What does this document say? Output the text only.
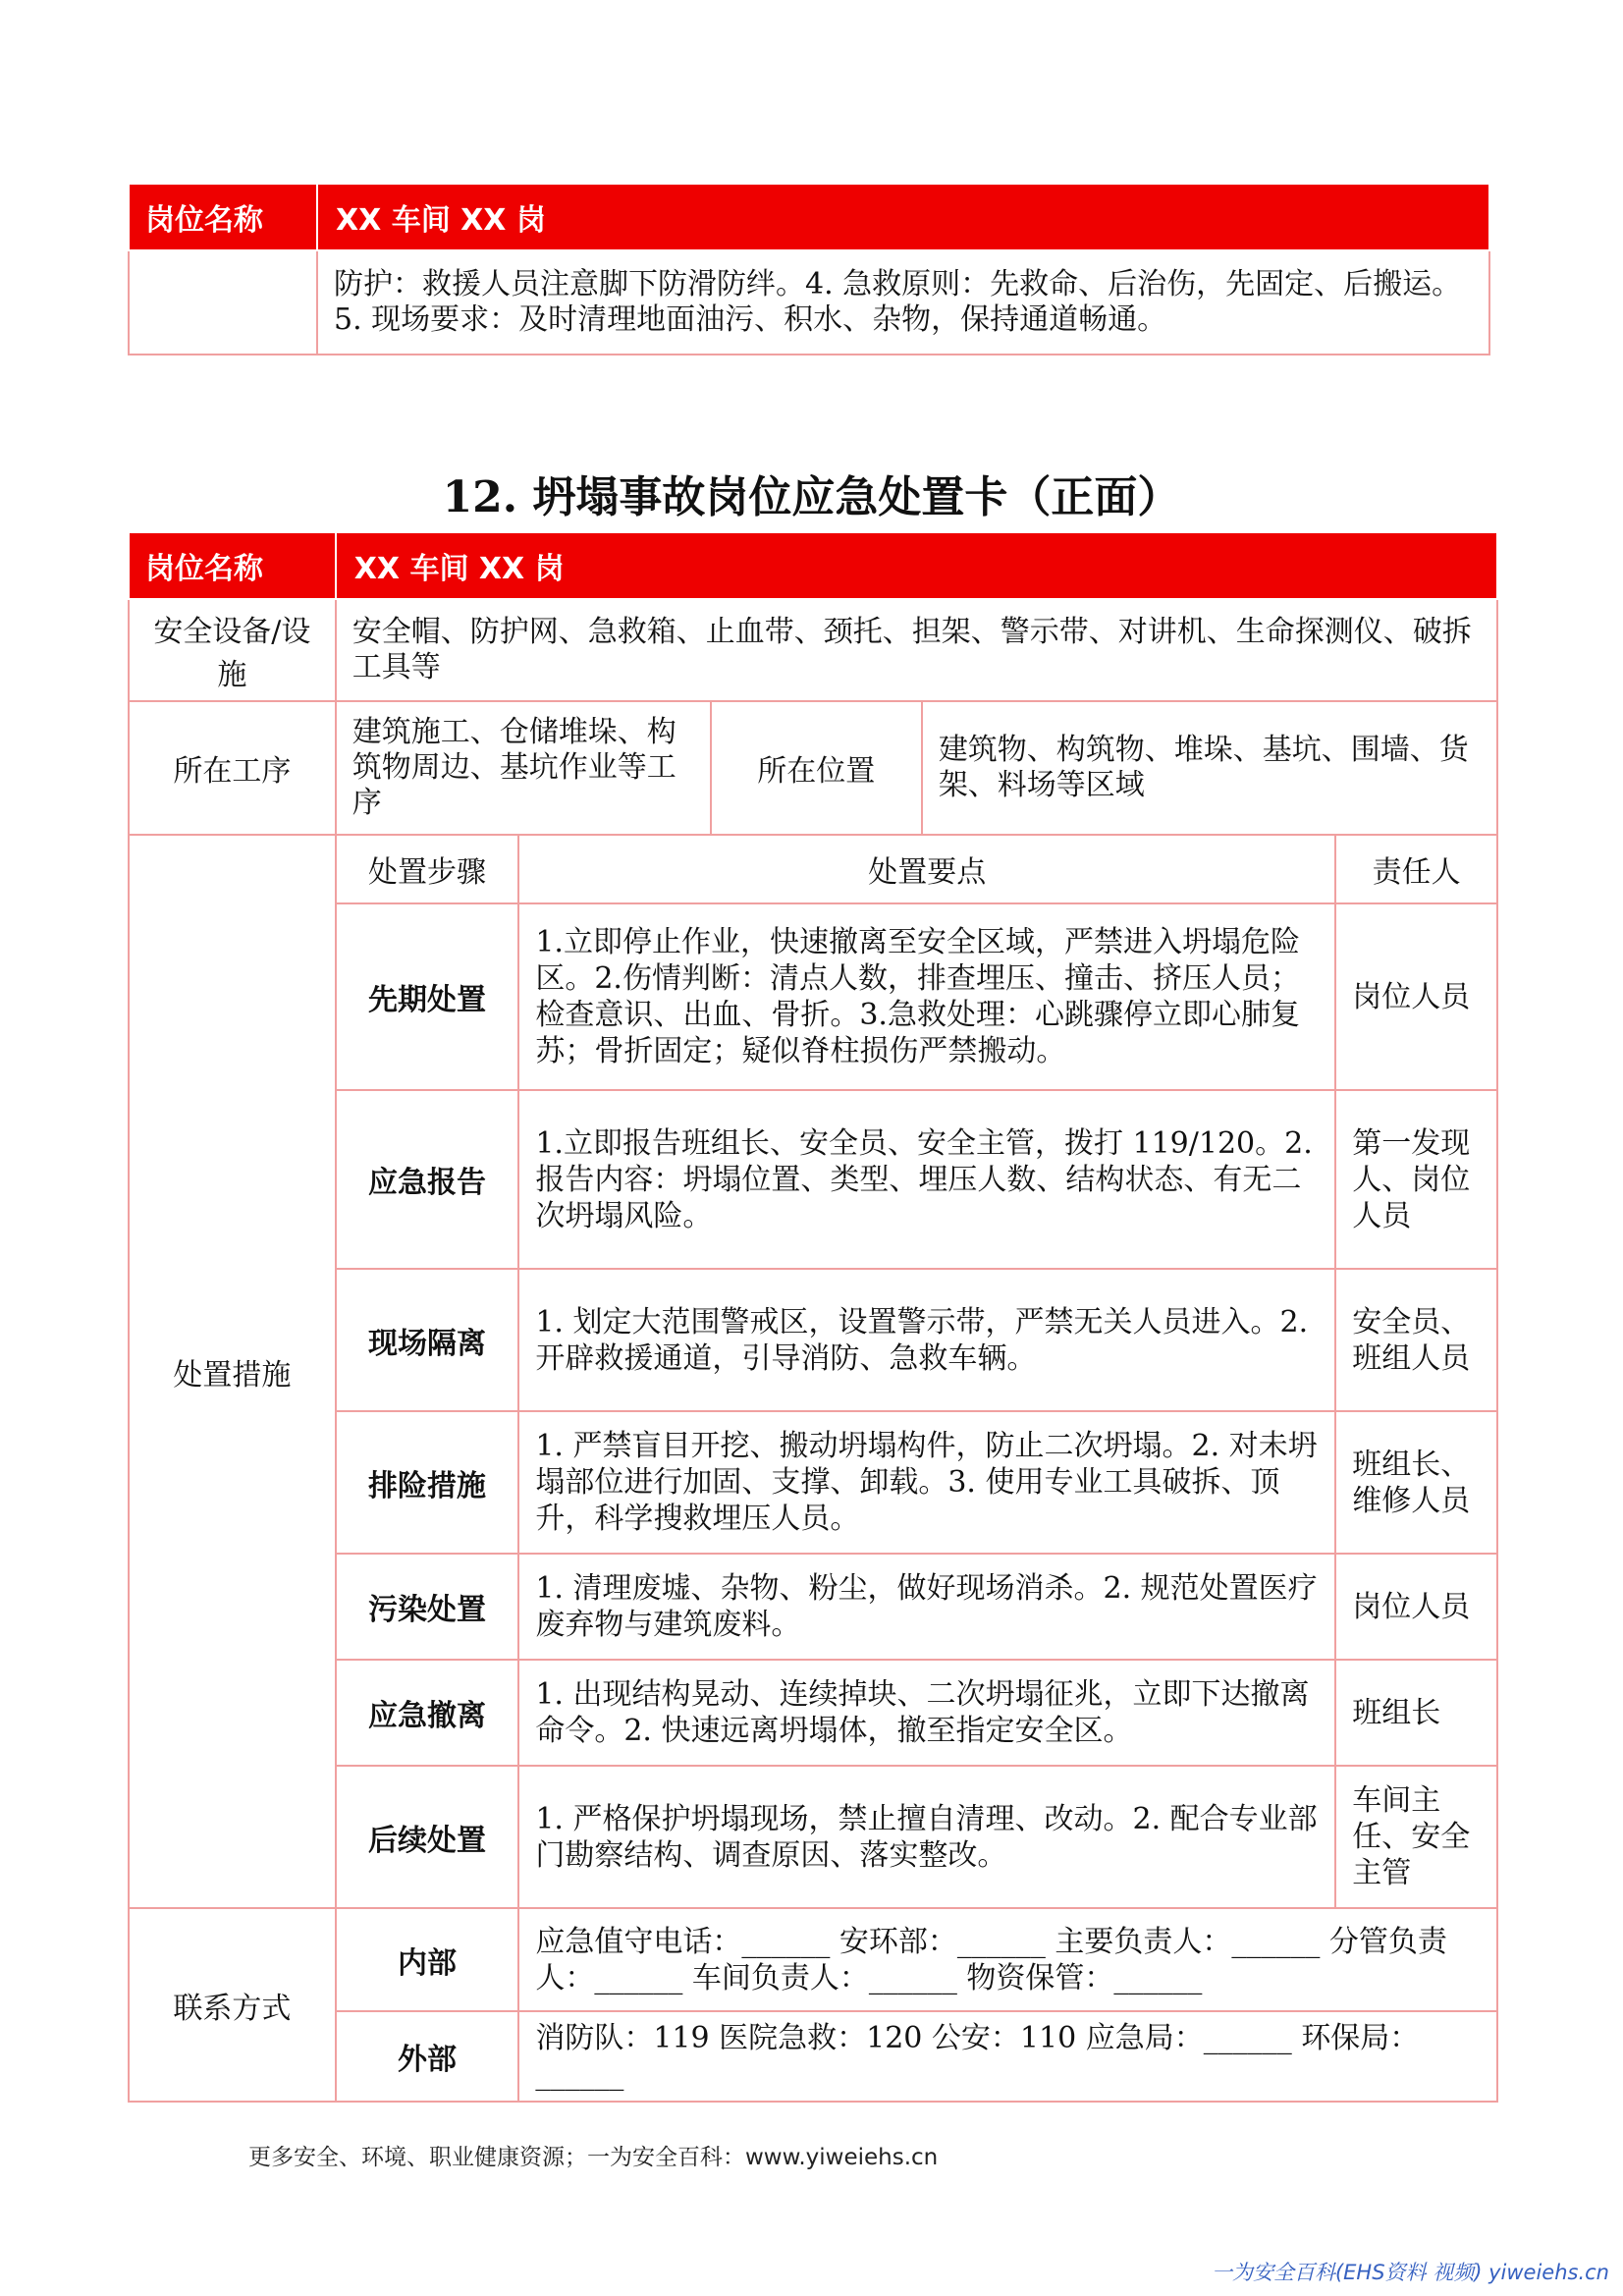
岗位名称	XX 车间 XX 岗
	防护：救援人员注意脚下防滑防绊。4. 急救原则：先救命、后治伤，先固定、后搬运。5. 现场要求：及时清理地面油污、积水、杂物，保持通道畅通。
12. 坍塌事故岗位应急处置卡（正面）
岗位名称	XX 车间 XX 岗				
安全设备/设施	安全帽、防护网、急救箱、止血带、颈托、担架、警示带、对讲机、生命探测仪、破拆工具等				
所在工序	建筑施工、仓储堆垛、构筑物周边、基坑作业等工序		所在位置	建筑物、构筑物、堆垛、基坑、围墙、货架、料场等区域	
处置措施	处置步骤	处置要点			责任人
	先期处置	1.立即停止作业，快速撤离至安全区域，严禁进入坍塌危险区。2.伤情判断：清点人数，排查埋压、撞击、挤压人员；检查意识、出血、骨折。3.急救处理：心跳骤停立即心肺复苏；骨折固定；疑似脊柱损伤严禁搬动。			岗位人员
	应急报告	1.立即报告班组长、安全员、安全主管，拨打 119/120。2.报告内容：坍塌位置、类型、埋压人数、结构状态、有无二次坍塌风险。			第一发现人、岗位人员
	现场隔离	1. 划定大范围警戒区，设置警示带，严禁无关人员进入。2. 开辟救援通道，引导消防、急救车辆。			安全员、班组人员
	排险措施	1. 严禁盲目开挖、搬动坍塌构件，防止二次坍塌。2. 对未坍塌部位进行加固、支撑、卸载。3. 使用专业工具破拆、顶升，科学搜救埋压人员。			班组长、维修人员
	污染处置	1. 清理废墟、杂物、粉尘，做好现场消杀。2. 规范处置医疗废弃物与建筑废料。			岗位人员
	应急撤离	1. 出现结构晃动、连续掉块、二次坍塌征兆，立即下达撤离命令。2. 快速远离坍塌体，撤至指定安全区。			班组长
	后续处置	1. 严格保护坍塌现场，禁止擅自清理、改动。2. 配合专业部门勘察结构、调查原因、落实整改。			车间主任、安全主管
联系方式	内部	应急值守电话：______ 安环部：______ 主要负责人：______ 分管负责人：______ 车间负责人：______ 物资保管：______			
	外部	消防队：119 医院急救：120 公安：110 应急局：______ 环保局：______			
更多安全、环境、职业健康资源；一为安全百科：www.yiweiehs.cn
一为安全百科(EHS资料 视频) yiweiehs.cn
